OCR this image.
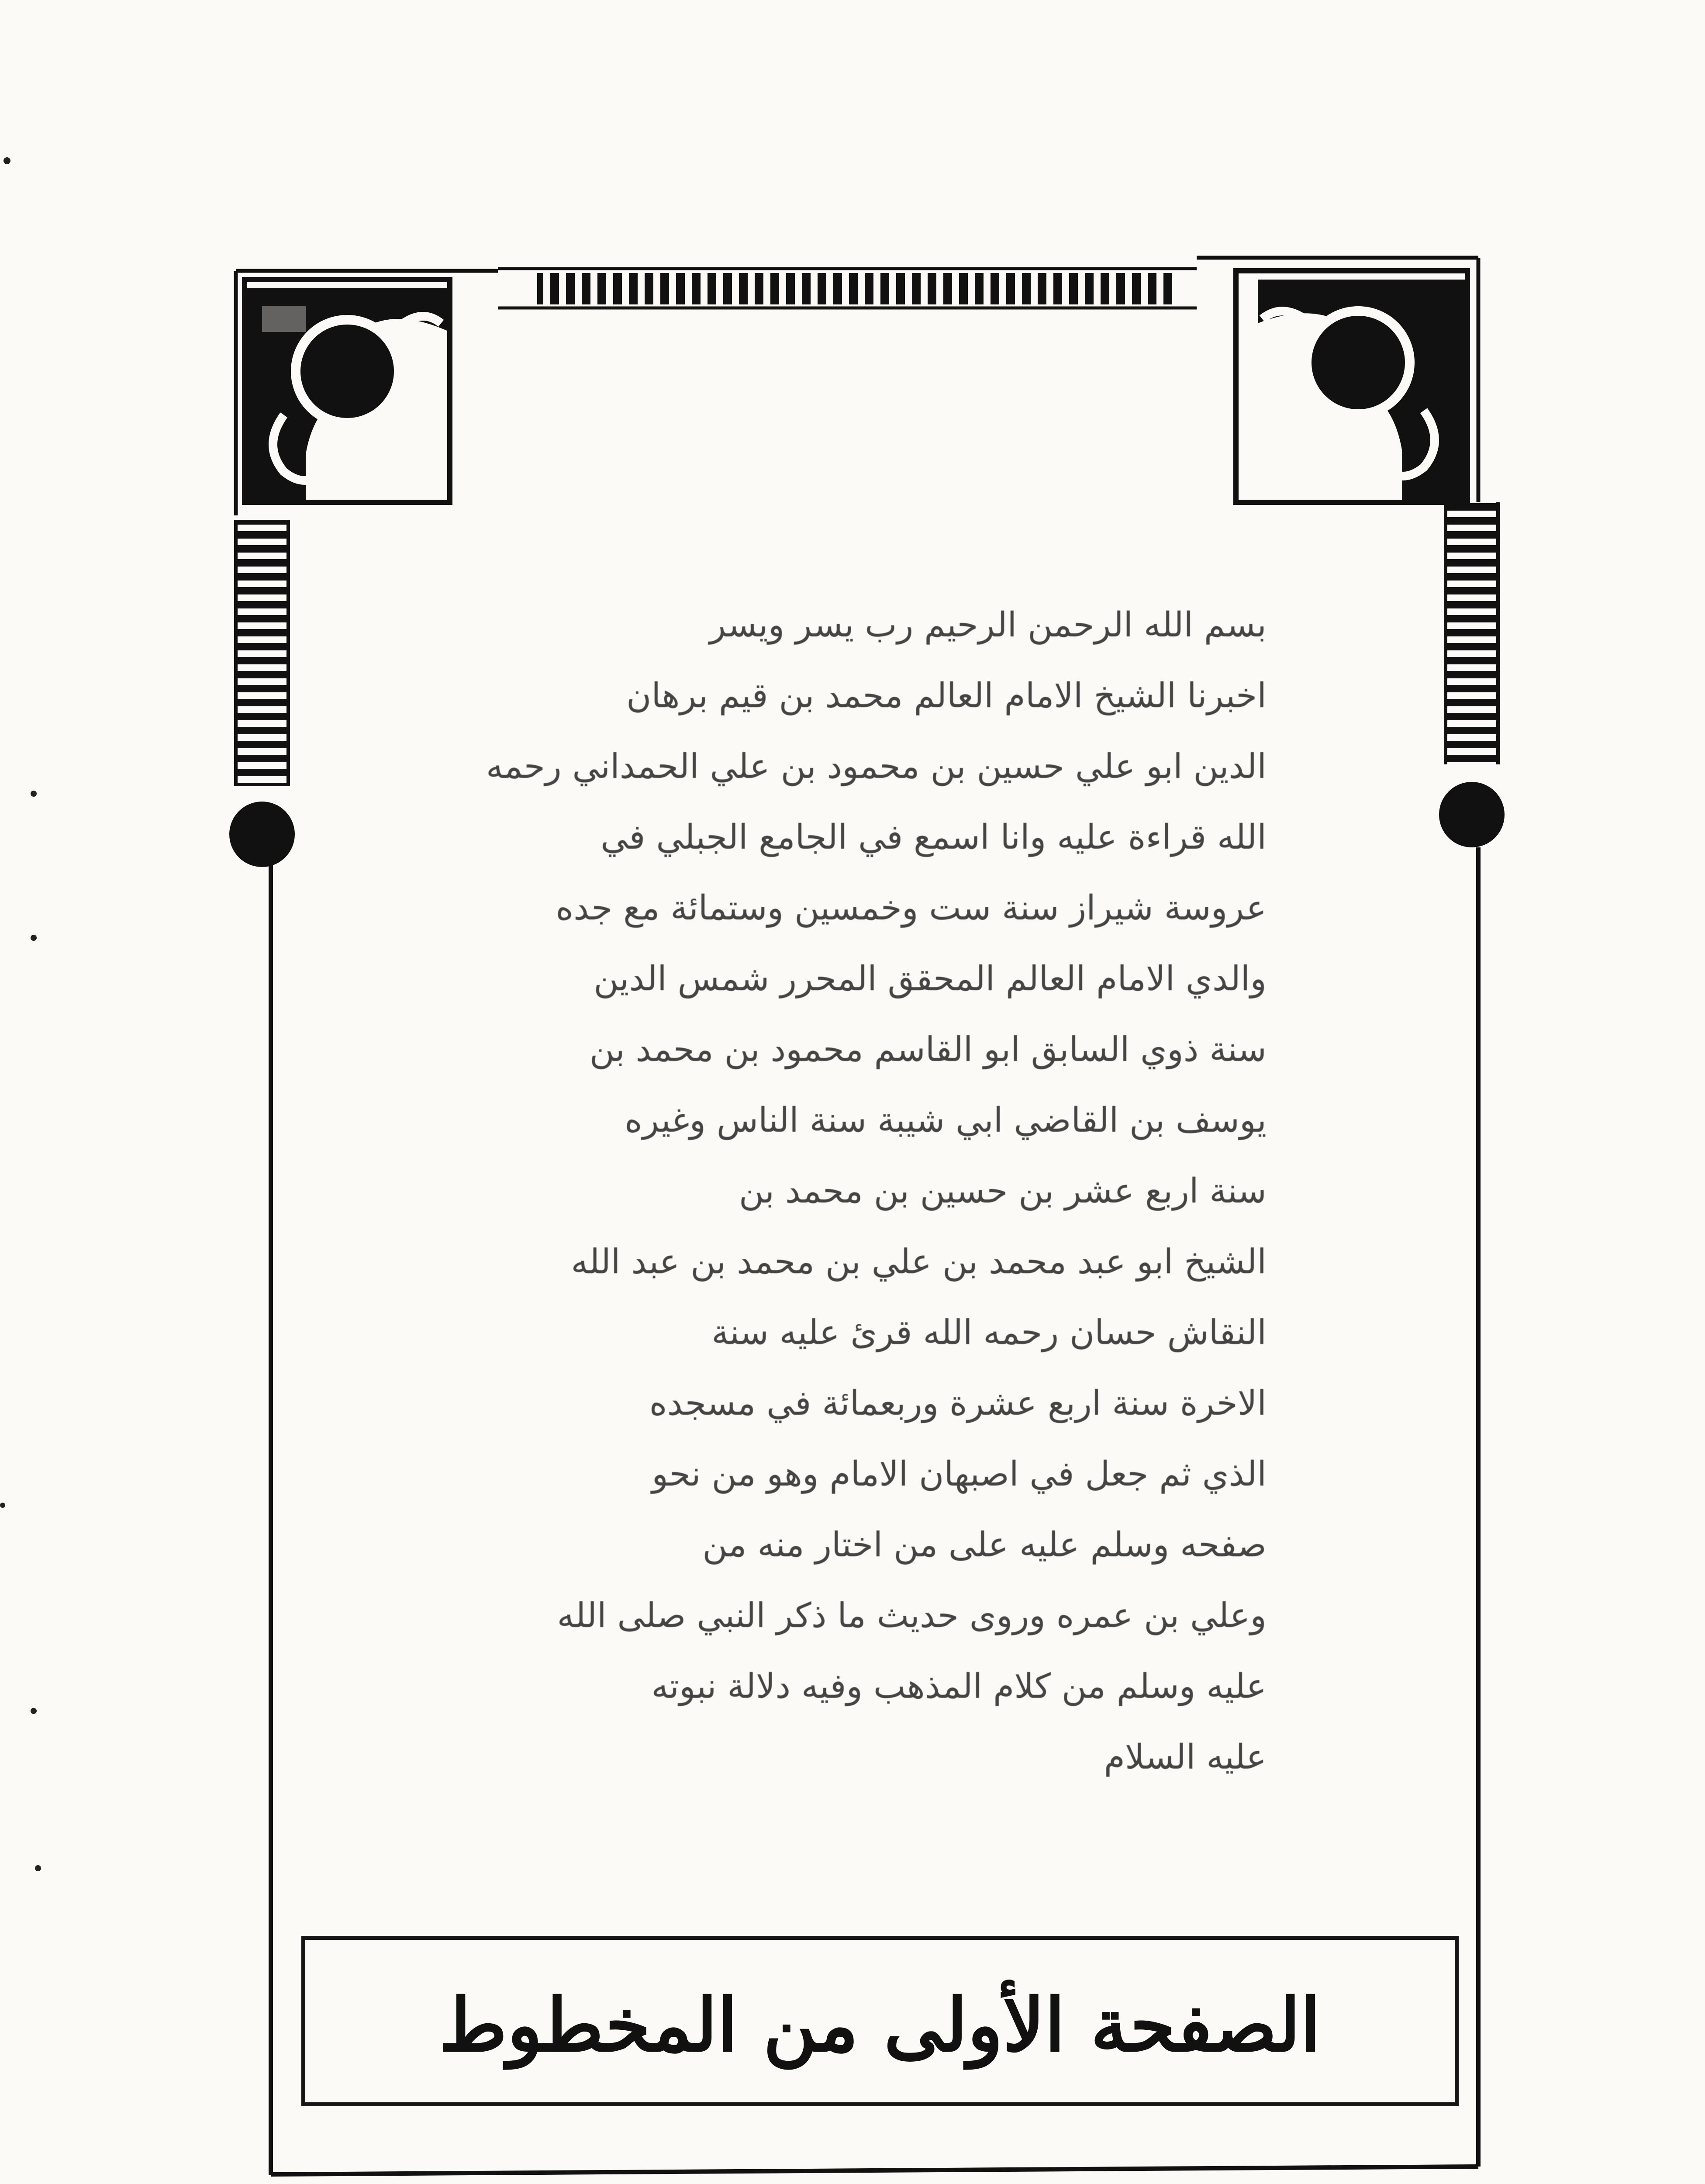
بسم الله الرحمن الرحيم رب يسر ويسر
اخبرنا الشيخ الامام العالم محمد بن قيم برهان
الدين ابو علي حسين بن محمود بن علي الحمداني رحمه
الله قراءة عليه وانا اسمع في الجامع الجبلي في
عروسة شيراز سنة ست وخمسين وستمائة مع جده
والدي الامام العالم المحقق المحرر شمس الدين
سنة ذوي السابق ابو القاسم محمود بن محمد بن
يوسف بن القاضي ابي شيبة سنة الناس وغيره
سنة اربع عشر بن حسين بن محمد بن
الشيخ ابو عبد محمد بن علي بن محمد بن عبد الله
النقاش حسان رحمه الله قرئ عليه سنة
الاخرة سنة اربع عشرة وربعمائة في مسجده
الذي ثم جعل في اصبهان الامام وهو من نحو
صفحه وسلم عليه على من اختار منه من
وعلي بن عمره وروى حديث ما ذكر النبي صلى الله
عليه وسلم من كلام المذهب وفيه دلالة نبوته
عليه السلام
الصفحة الأولى من المخطوط
